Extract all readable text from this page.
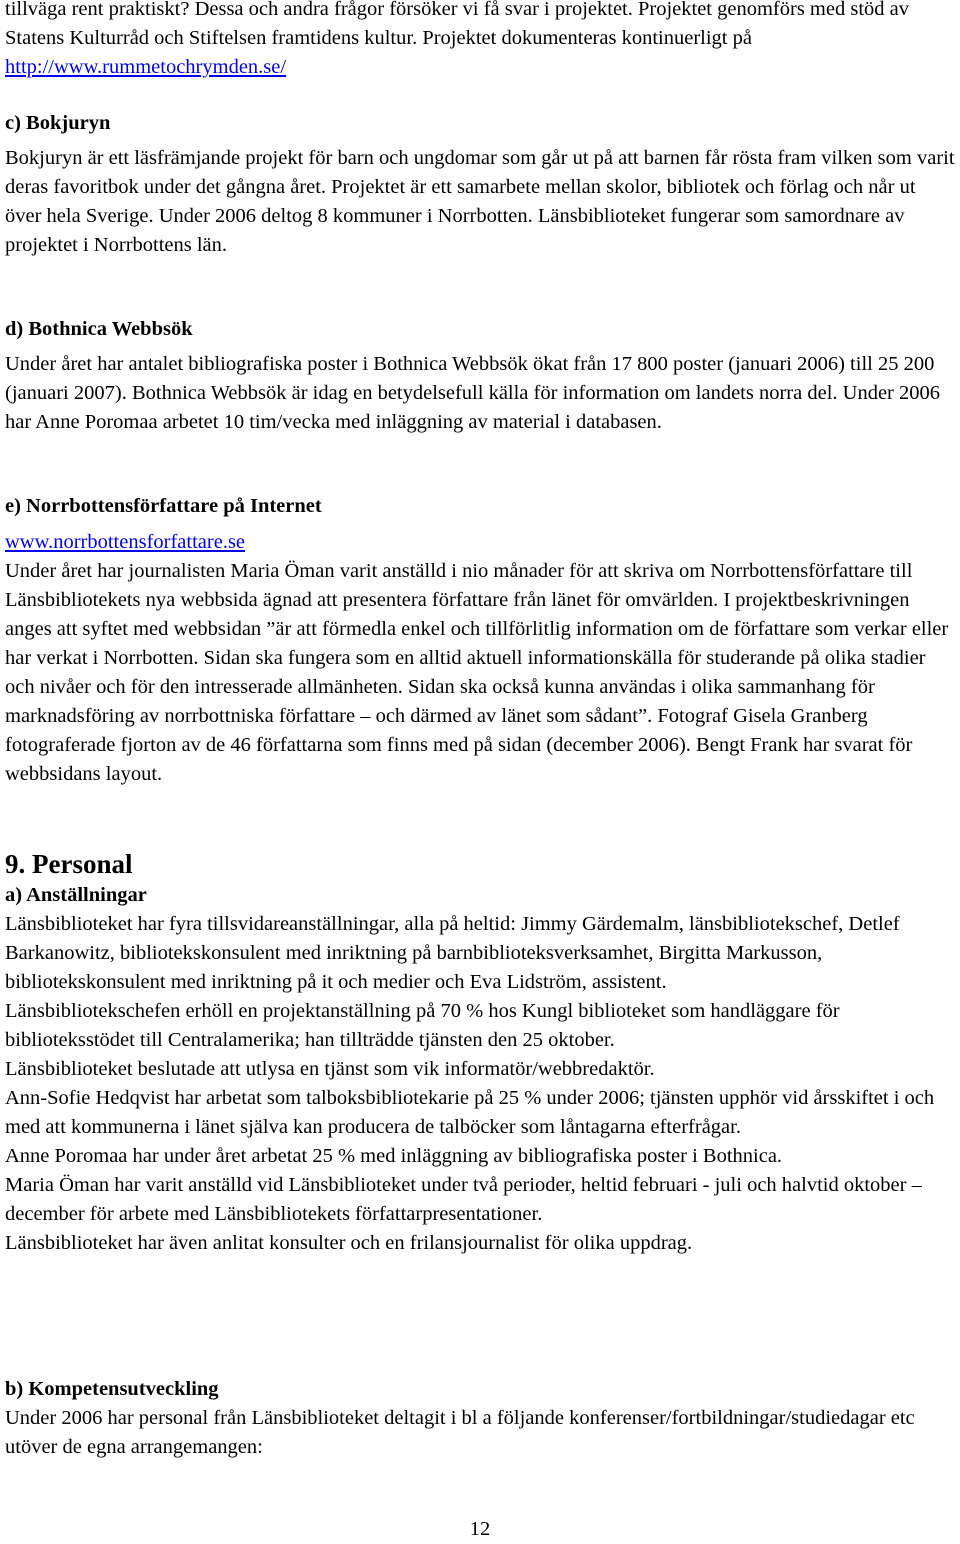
tillväga rent praktiskt? Dessa och andra frågor försöker vi få svar i projektet. Projektet genomförs med stöd av Statens Kulturråd och Stiftelsen framtidens kultur. Projektet dokumenteras kontinuerligt på http://www.rummetochrymden.se/

c) Bokjuryn

Bokjuryn är ett läsfrämjande projekt för barn och ungdomar som går ut på att barnen får rösta fram vilken som varit deras favoritbok under det gångna året. Projektet är ett samarbete mellan skolor, bibliotek och förlag och når ut över hela Sverige. Under 2006 deltog 8 kommuner i Norrbotten. Länsbiblioteket fungerar som samordnare av projektet i Norrbottens län.

d) Bothnica Webbsök

Under året har antalet bibliografiska poster i Bothnica Webbsök ökat från 17 800 poster (januari 2006) till 25 200 (januari 2007). Bothnica Webbsök är idag en betydelsefull källa för information om landets norra del. Under 2006 har Anne Poromaa arbetet 10 tim/vecka med inläggning av material i databasen.

e) Norrbottensförfattare på Internet
www.norrbottensforfattare.se

Under året har journalisten Maria Öman varit anställd i nio månader för att skriva om Norrbottensförfattare till Länsbibliotekets nya webbsida ägnad att presentera författare från länet för omvärlden. I projektbeskrivningen anges att syftet med webbsidan ”är att förmedla enkel och tillförlitlig information om de författare som verkar eller har verkat i Norrbotten. Sidan ska fungera som en alltid aktuell informationskälla för studerande på olika stadier och nivåer och för den intresserade allmänheten. Sidan ska också kunna användas i olika sammanhang för marknadsföring av norrbottniska författare – och därmed av länet som sådant”. Fotograf Gisela Granberg fotograferade fjorton av de 46 författarna som finns med på sidan (december 2006). Bengt Frank har svarat för webbsidans layout.

9. Personal
a) Anställningar

Länsbiblioteket har fyra tillsvidareanställningar, alla på heltid: Jimmy Gärdemalm, länsbibliotekschef, Detlef Barkanowitz, bibliotekskonsulent med inriktning på barnbiblioteksverksamhet, Birgitta Markusson, bibliotekskonsulent med inriktning på it och medier och Eva Lidström, assistent.

Länsbibliotekschefen erhöll en projektanställning på 70 % hos Kungl biblioteket som handläggare för biblioteksstödet till Centralamerika; han tillträdde tjänsten den 25 oktober.

Länsbiblioteket beslutade att utlysa en tjänst som vik informatör/webbredaktör.

Ann-Sofie Hedqvist har arbetat som talboksbibliotekarie på 25 % under 2006; tjänsten upphör vid årsskiftet i och med att kommunerna i länet själva kan producera de talböcker som låntagarna efterfrågar.

Anne Poromaa har under året arbetat 25 % med inläggning av bibliografiska poster i Bothnica.

Maria Öman har varit anställd vid Länsbiblioteket under två perioder, heltid februari - juli och halvtid oktober – december för arbete med Länsbibliotekets författarpresentationer.

Länsbiblioteket har även anlitat konsulter och en frilansjournalist för olika uppdrag.

b) Kompetensutveckling

Under 2006 har personal från Länsbiblioteket deltagit i bl a följande konferenser/fortbildningar/studiedagar etc utöver de egna arrangemangen:

12
